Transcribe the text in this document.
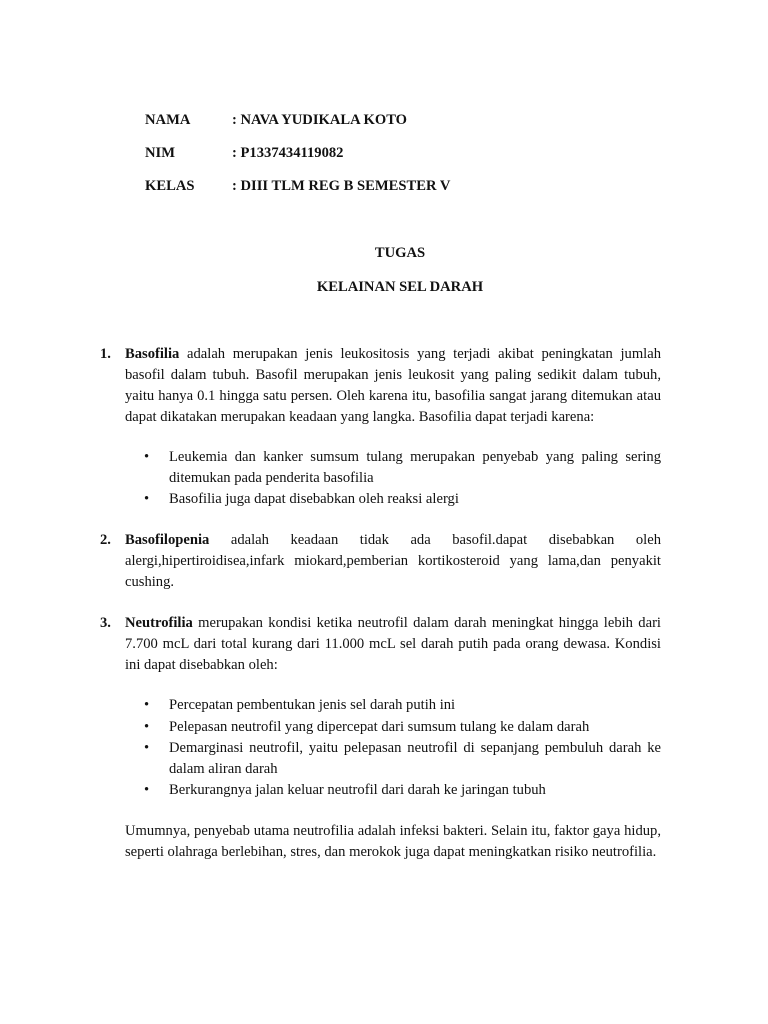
NAMA	: NAVA YUDIKALA KOTO
NIM	: P1337434119082
KELAS	: DIII TLM REG B SEMESTER V
TUGAS
KELAINAN SEL DARAH
1. Basofilia adalah merupakan jenis leukositosis yang terjadi akibat peningkatan jumlah basofil dalam tubuh. Basofil merupakan jenis leukosit yang paling sedikit dalam tubuh, yaitu hanya 0.1 hingga satu persen. Oleh karena itu, basofilia sangat jarang ditemukan atau dapat dikatakan merupakan keadaan yang langka. Basofilia dapat terjadi karena:
• Leukemia dan kanker sumsum tulang merupakan penyebab yang paling sering ditemukan pada penderita basofilia
• Basofilia juga dapat disebabkan oleh reaksi alergi
2. Basofilopenia adalah keadaan tidak ada basofil.dapat disebabkan oleh alergi,hipertiroidisea,infark miokard,pemberian kortikosteroid yang lama,dan penyakit cushing.
3. Neutrofilia merupakan kondisi ketika neutrofil dalam darah meningkat hingga lebih dari 7.700 mcL dari total kurang dari 11.000 mcL sel darah putih pada orang dewasa. Kondisi ini dapat disebabkan oleh:
• Percepatan pembentukan jenis sel darah putih ini
• Pelepasan neutrofil yang dipercepat dari sumsum tulang ke dalam darah
• Demarginasi neutrofil, yaitu pelepasan neutrofil di sepanjang pembuluh darah ke dalam aliran darah
• Berkurangnya jalan keluar neutrofil dari darah ke jaringan tubuh
Umumnya, penyebab utama neutrofilia adalah infeksi bakteri. Selain itu, faktor gaya hidup, seperti olahraga berlebihan, stres, dan merokok juga dapat meningkatkan risiko neutrofilia.
